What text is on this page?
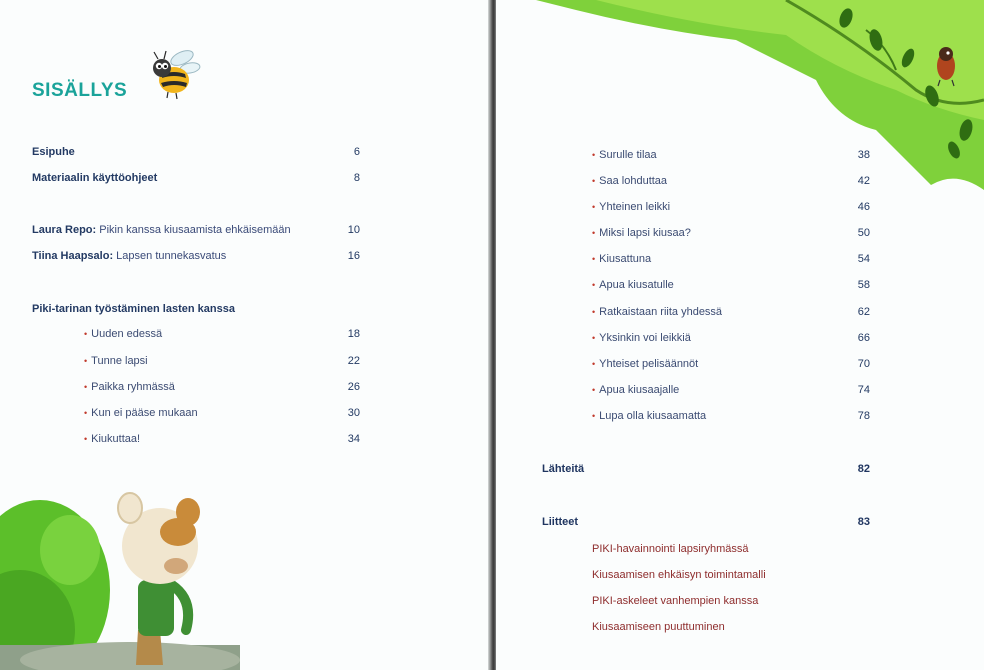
SISÄLLYS
Esipuhe	6
Materiaalin käyttöohjeet	8
Laura Repo: Pikin kanssa kiusaamista ehkäisemään	10
Tiina Haapsalo: Lapsen tunnekasvatus	16
Piki-tarinan työstäminen lasten kanssa
• Uuden edessä	18
• Tunne lapsi	22
• Paikka ryhmässä	26
• Kun ei pääse mukaan	30
• Kiukuttaa!	34
• Surulle tilaa	38
• Saa lohduttaa	42
• Yhteinen leikki	46
• Miksi lapsi kiusaa?	50
• Kiusattuna	54
• Apua kiusatulle	58
• Ratkaistaan riita yhdessä	62
• Yksinkin voi leikkiä	66
• Yhteiset pelisäännöt	70
• Apua kiusaajalle	74
• Lupa olla kiusaamatta	78
Lähteitä	82
Liitteet	83
PIKI-havainnointi lapsiryhmässä
Kiusaamisen ehkäisyn toimintamalli
PIKI-askeleet vanhempien kanssa
Kiusaamiseen puuttuminen
